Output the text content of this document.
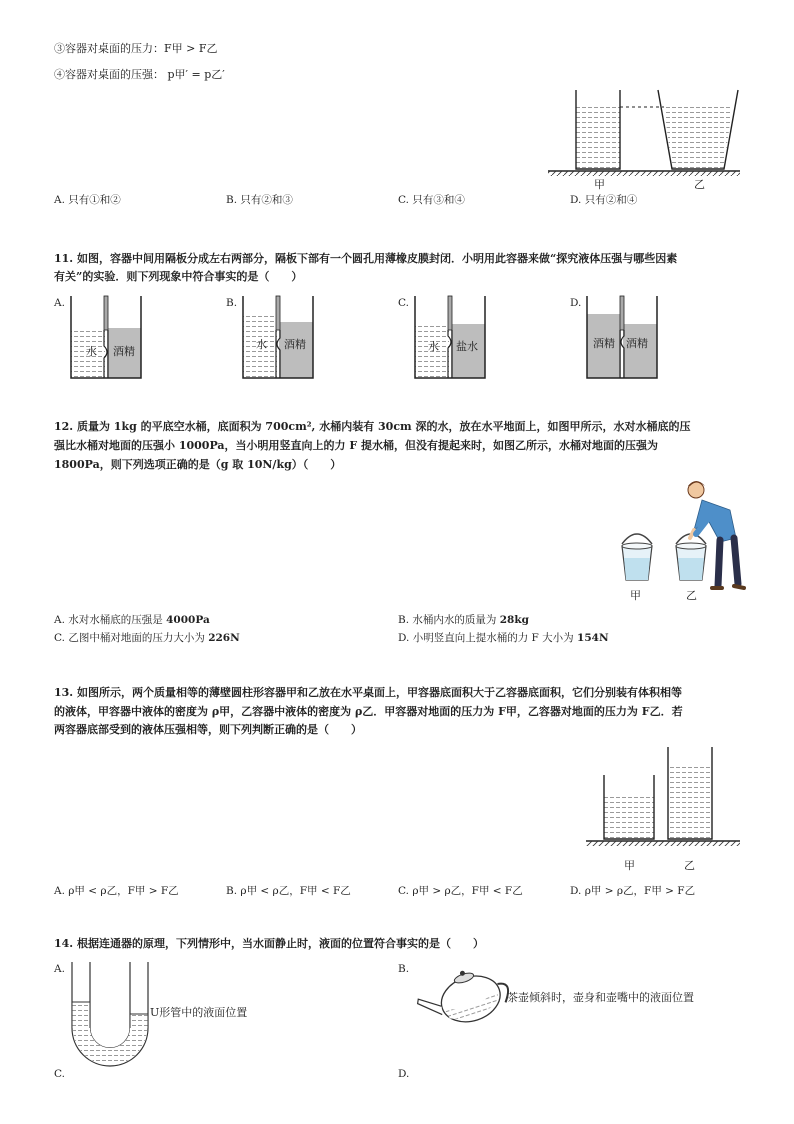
③容器对桌面的压力：F甲 > F乙
④容器对桌面的压强： p甲′ = p乙′
甲	乙
A. 只有①和②	B. 只有②和③	C. 只有③和④	D. 只有②和④
11. 如图，容器中间用隔板分成左右两部分，隔板下部有一个圆孔用薄橡皮膜封闭．小明用此容器来做“探究液体压强与哪些因素
有关”的实验．则下列现象中符合事实的是（　　）
A.
水 酒精
B.
水 酒精
C.
水 盐水
D.
酒精 酒精
12. 质量为 1kg 的平底空水桶，底面积为 700cm², 水桶内装有 30cm 深的水，放在水平地面上，如图甲所示，水对水桶底的压
强比水桶对地面的压强小 1000Pa，当小明用竖直向上的力 F 提水桶，但没有提起来时，如图乙所示，水桶对地面的压强为
1800Pa，则下列选项正确的是（g 取 10N/kg）（　　）
甲	乙
A. 水对水桶底的压强是 4000Pa	B. 水桶内水的质量为 28kg
C. 乙图中桶对地面的压力大小为 226N	D. 小明竖直向上提水桶的力 F 大小为 154N
13. 如图所示，两个质量相等的薄壁圆柱形容器甲和乙放在水平桌面上，甲容器底面积大于乙容器底面积，它们分别装有体积相等
的液体，甲容器中液体的密度为 ρ甲，乙容器中液体的密度为 ρ乙．甲容器对地面的压力为 F甲，乙容器对地面的压力为 F乙．若
两容器底部受到的液体压强相等，则下列判断正确的是（　　）
甲	乙
A. ρ甲 < ρ乙，F甲 > F乙	B. ρ甲 < ρ乙，F甲 < F乙	C. ρ甲 > ρ乙，F甲 < F乙	D. ρ甲 > ρ乙，F甲 > F乙
14. 根据连通器的原理，下列情形中，当水面静止时，液面的位置符合事实的是（　　）
A.
U形管中的液面位置
B.
茶壶倾斜时，壶身和壶嘴中的液面位置
C.	D.
